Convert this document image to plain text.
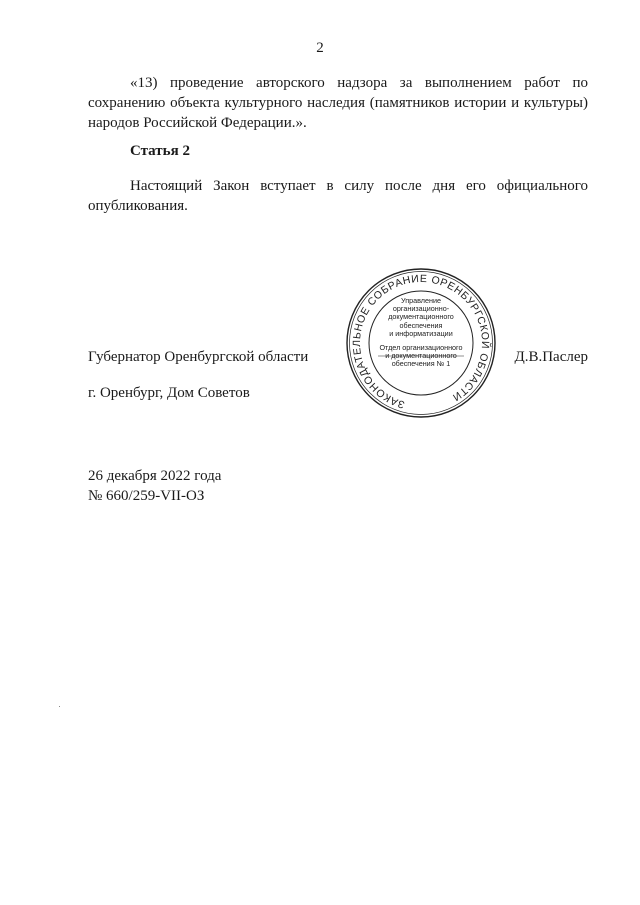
2

«13) проведение авторского надзора за выполнением работ по сохранению объекта культурного наследия (памятников истории и культуры) народов Российской Федерации.».

Статья 2

Настоящий Закон вступает в силу после дня его официального опубликования.

Губернатор Оренбургской области	Д.В.Паслер
ЗАКОНОДАТЕЛЬНОЕ СОБРАНИЕ ОРЕНБУРГСКОЙ ОБЛАСТИ
Управление
организационно-
документационного
обеспечения
и информатизации
Отдел организационного
и документационного
обеспечения № 1
г. Оренбург, Дом Советов
26 декабря 2022 года
№ 660/259-VII-ОЗ
